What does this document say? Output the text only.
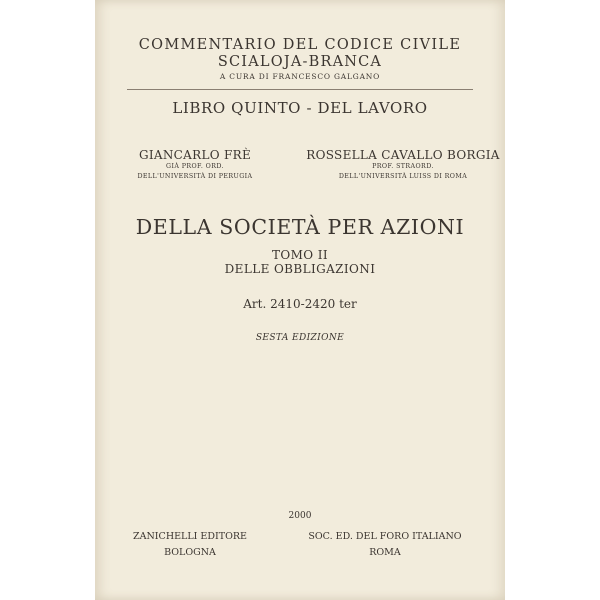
COMMENTARIO DEL CODICE CIVILE
SCIALOJA-BRANCA
A CURA DI FRANCESCO GALGANO
LIBRO QUINTO - DEL LAVORO
GIANCARLO FRÈ
GIÀ PROF. ORD.
DELL'UNIVERSITÀ DI PERUGIA
ROSSELLA CAVALLO BORGIA
PROF. STRAORD.
DELL'UNIVERSITÀ LUISS DI ROMA
DELLA SOCIETÀ PER AZIONI
TOMO II
DELLE OBBLIGAZIONI
Art. 2410-2420 ter
SESTA EDIZIONE
2000
ZANICHELLI EDITORE
BOLOGNA
SOC. ED. DEL FORO ITALIANO
ROMA
